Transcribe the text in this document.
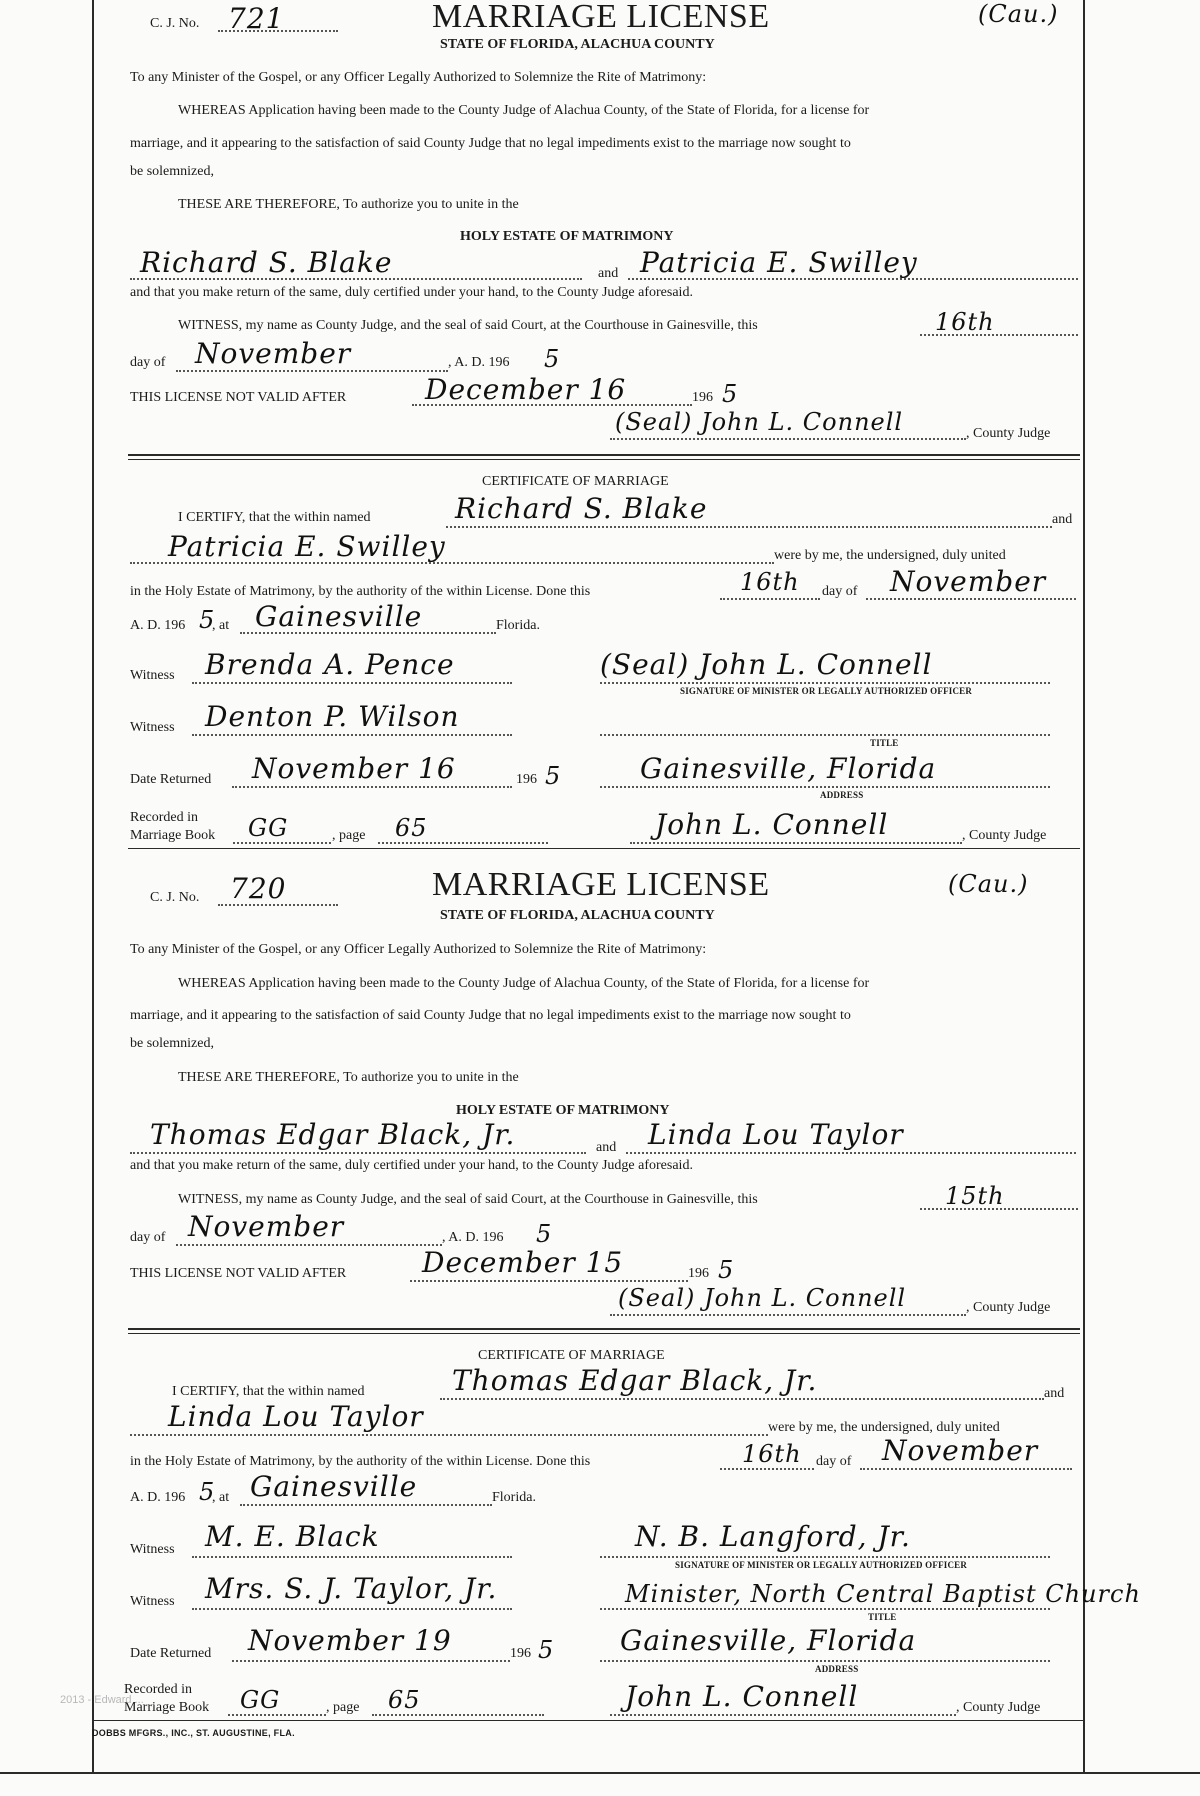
C. J. No. 721	MARRIAGE LICENSE	(Cau.)
STATE OF FLORIDA, ALACHUA COUNTY
To any Minister of the Gospel, or any Officer Legally Authorized to Solemnize the Rite of Matrimony:
WHEREAS Application having been made to the County Judge of Alachua County, of the State of Florida, for a license for
marriage, and it appearing to the satisfaction of said County Judge that no legal impediments exist to the marriage now sought to
be solemnized,
THESE ARE THEREFORE, To authorize you to unite in the
HOLY ESTATE OF MATRIMONY
Richard S. Blake	and Patricia E. Swilley
and that you make return of the same, duly certified under your hand, to the County Judge aforesaid.
WITNESS, my name as County Judge, and the seal of said Court, at the Courthouse in Gainesville, this	16th
day of November	, A. D. 196 5
THIS LICENSE NOT VALID AFTER	December 16	196 5
(Seal) John L. Connell	, County Judge
CERTIFICATE OF MARRIAGE
I CERTIFY, that the within named	Richard S. Blake	and
Patricia E. Swilley	were by me, the undersigned, duly united
in the Holy Estate of Matrimony, by the authority of the within License. Done this	16th day of November
A. D. 196 5
, at Gainesville	Florida.
Witness Brenda A. Pence	(Seal) John L. Connell
SIGNATURE OF MINISTER OR LEGALLY AUTHORIZED OFFICER
Witness Denton P. Wilson
TITLE
Date Returned November 16	196 5	Gainesville, Florida
ADDRESS
Recorded in
Marriage Book GG	, page 65	John L. Connell	, County Judge
C. J. No. 720	MARRIAGE LICENSE	(Cau.)
STATE OF FLORIDA, ALACHUA COUNTY
To any Minister of the Gospel, or any Officer Legally Authorized to Solemnize the Rite of Matrimony:
WHEREAS Application having been made to the County Judge of Alachua County, of the State of Florida, for a license for
marriage, and it appearing to the satisfaction of said County Judge that no legal impediments exist to the marriage now sought to
be solemnized,
THESE ARE THEREFORE, To authorize you to unite in the
HOLY ESTATE OF MATRIMONY
Thomas Edgar Black, Jr.	and Linda Lou Taylor
and that you make return of the same, duly certified under your hand, to the County Judge aforesaid.
WITNESS, my name as County Judge, and the seal of said Court, at the Courthouse in Gainesville, this	15th
day of November	, A. D. 196 5
THIS LICENSE NOT VALID AFTER	December 15	196 5
(Seal) John L. Connell	, County Judge
CERTIFICATE OF MARRIAGE
I CERTIFY, that the within named	Thomas Edgar Black, Jr.	and
Linda Lou Taylor	were by me, the undersigned, duly united
in the Holy Estate of Matrimony, by the authority of the within License. Done this	16th day of November
A. D. 196 5
, at Gainesville	Florida.
Witness M. E. Black	N. B. Langford, Jr.
SIGNATURE OF MINISTER OR LEGALLY AUTHORIZED OFFICER
Witness Mrs. S. J. Taylor, Jr.	Minister, North Central Baptist Church
TITLE
Date Returned November 19	196 5 Gainesville, Florida
ADDRESS
Recorded in
Marriage Book GG	, page 65	John L. Connell	, County Judge
2013 - Edward ...
DOBBS MFGRS., INC., ST. AUGUSTINE, FLA.
